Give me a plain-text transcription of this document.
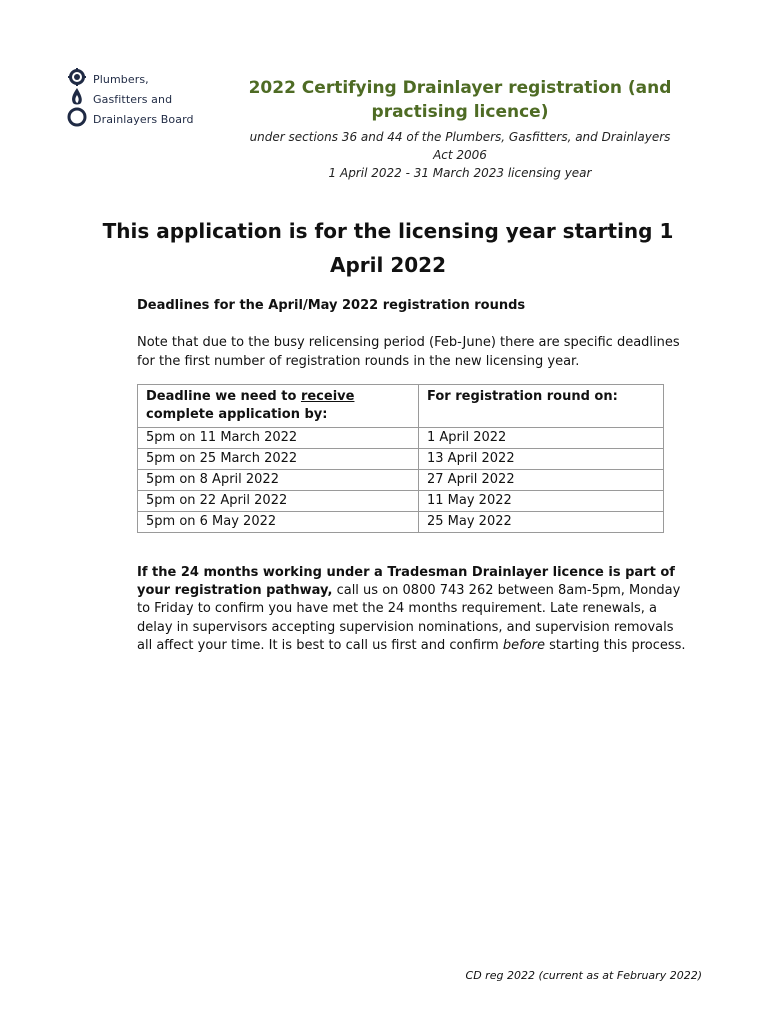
Plumbers,
Gasfitters and
Drainlayers Board
2022 Certifying Drainlayer registration (and
practising licence)
under sections 36 and 44 of the Plumbers, Gasfitters, and Drainlayers
Act 2006
1 April 2022 - 31 March 2023 licensing year
This application is for the licensing year starting 1
April 2022
Deadlines for the April/May 2022 registration rounds
Note that due to the busy relicensing period (Feb-June) there are specific deadlines for the first number of registration rounds in the new licensing year.
Deadline we need to receive
complete application by:	For registration round on:
5pm on 11 March 2022	1 April 2022
5pm on 25 March 2022	13 April 2022
5pm on 8 April 2022	27 April 2022
5pm on 22 April 2022	11 May 2022
5pm on 6 May 2022	25 May 2022
If the 24 months working under a Tradesman Drainlayer licence is part of your registration pathway, call us on 0800 743 262 between 8am-5pm, Monday to Friday to confirm you have met the 24 months requirement. Late renewals, a delay in supervisors accepting supervision nominations, and supervision removals all affect your time. It is best to call us first and confirm before starting this process.
CD reg 2022 (current as at February 2022)
